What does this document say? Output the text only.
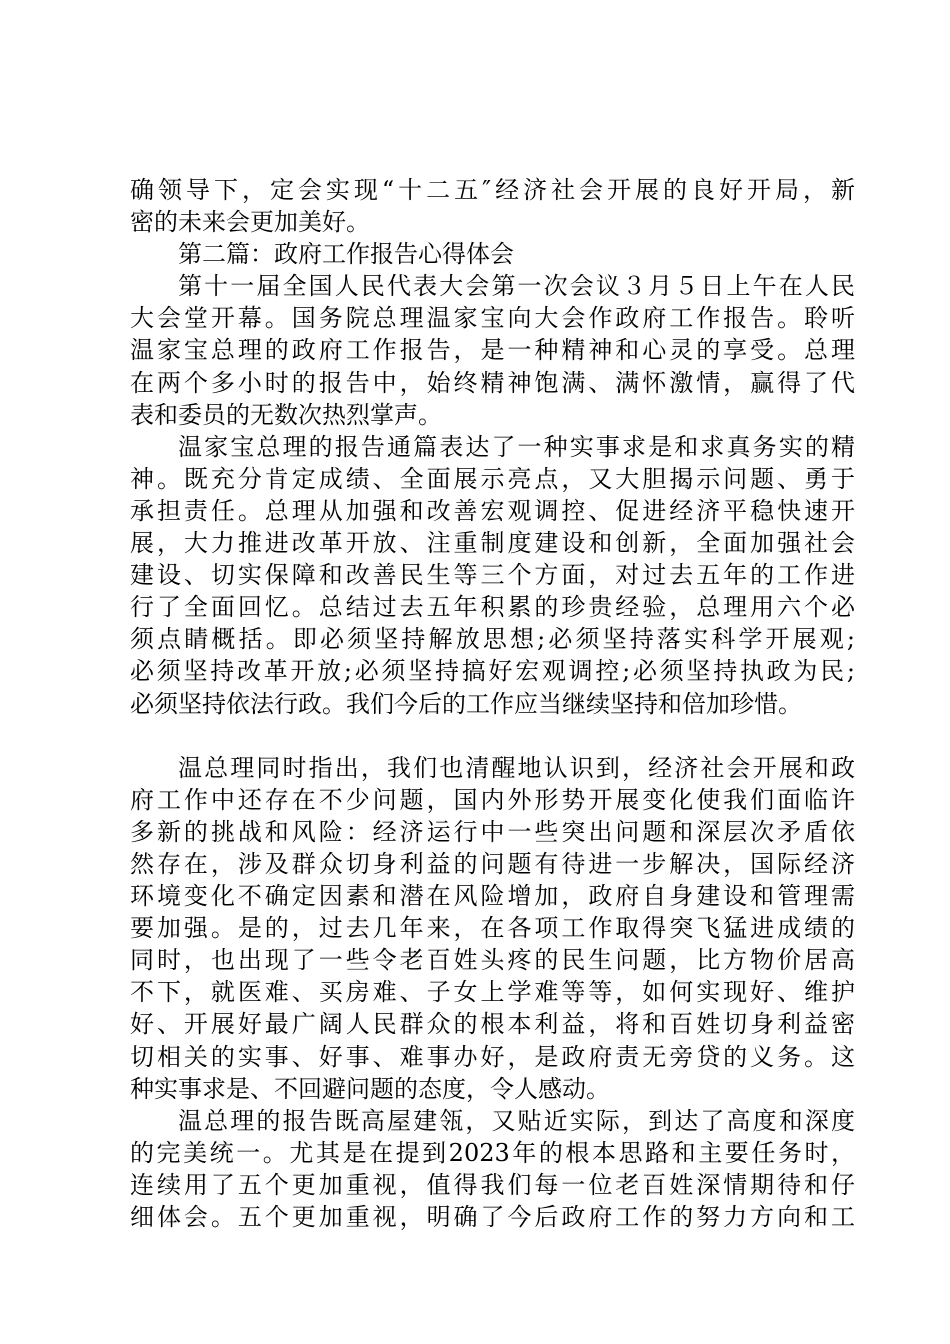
确领导下，定会实现“十二五″经济社会开展的良好开局，新
密的未来会更加美好。
第二篇：政府工作报告心得体会
第十一届全国人民代表大会第一次会议３月５日上午在人民
大会堂开幕。国务院总理温家宝向大会作政府工作报告。聆听
温家宝总理的政府工作报告，是一种精神和心灵的享受。总理
在两个多小时的报告中，始终精神饱满、满怀激情，赢得了代
表和委员的无数次热烈掌声。
温家宝总理的报告通篇表达了一种实事求是和求真务实的精
神。既充分肯定成绩、全面展示亮点，又大胆揭示问题、勇于
承担责任。总理从加强和改善宏观调控、促进经济平稳快速开
展，大力推进改革开放、注重制度建设和创新，全面加强社会
建设、切实保障和改善民生等三个方面，对过去五年的工作进
行了全面回忆。总结过去五年积累的珍贵经验，总理用六个必
须点睛概括。即必须坚持解放思想;必须坚持落实科学开展观;
必须坚持改革开放;必须坚持搞好宏观调控;必须坚持执政为民;
必须坚持依法行政。我们今后的工作应当继续坚持和倍加珍惜。
温总理同时指出，我们也清醒地认识到，经济社会开展和政
府工作中还存在不少问题，国内外形势开展变化使我们面临许
多新的挑战和风险：经济运行中一些突出问题和深层次矛盾依
然存在，涉及群众切身利益的问题有待进一步解决，国际经济
环境变化不确定因素和潜在风险增加，政府自身建设和管理需
要加强。是的，过去几年来，在各项工作取得突飞猛进成绩的
同时，也出现了一些令老百姓头疼的民生问题，比方物价居高
不下，就医难、买房难、子女上学难等等，如何实现好、维护
好、开展好最广阔人民群众的根本利益，将和百姓切身利益密
切相关的实事、好事、难事办好，是政府责无旁贷的义务。这
种实事求是、不回避问题的态度，令人感动。
温总理的报告既高屋建瓴，又贴近实际，到达了高度和深度
的完美统一。尤其是在提到2023年的根本思路和主要任务时，
连续用了五个更加重视，值得我们每一位老百姓深情期待和仔
细体会。五个更加重视，明确了今后政府工作的努力方向和工
